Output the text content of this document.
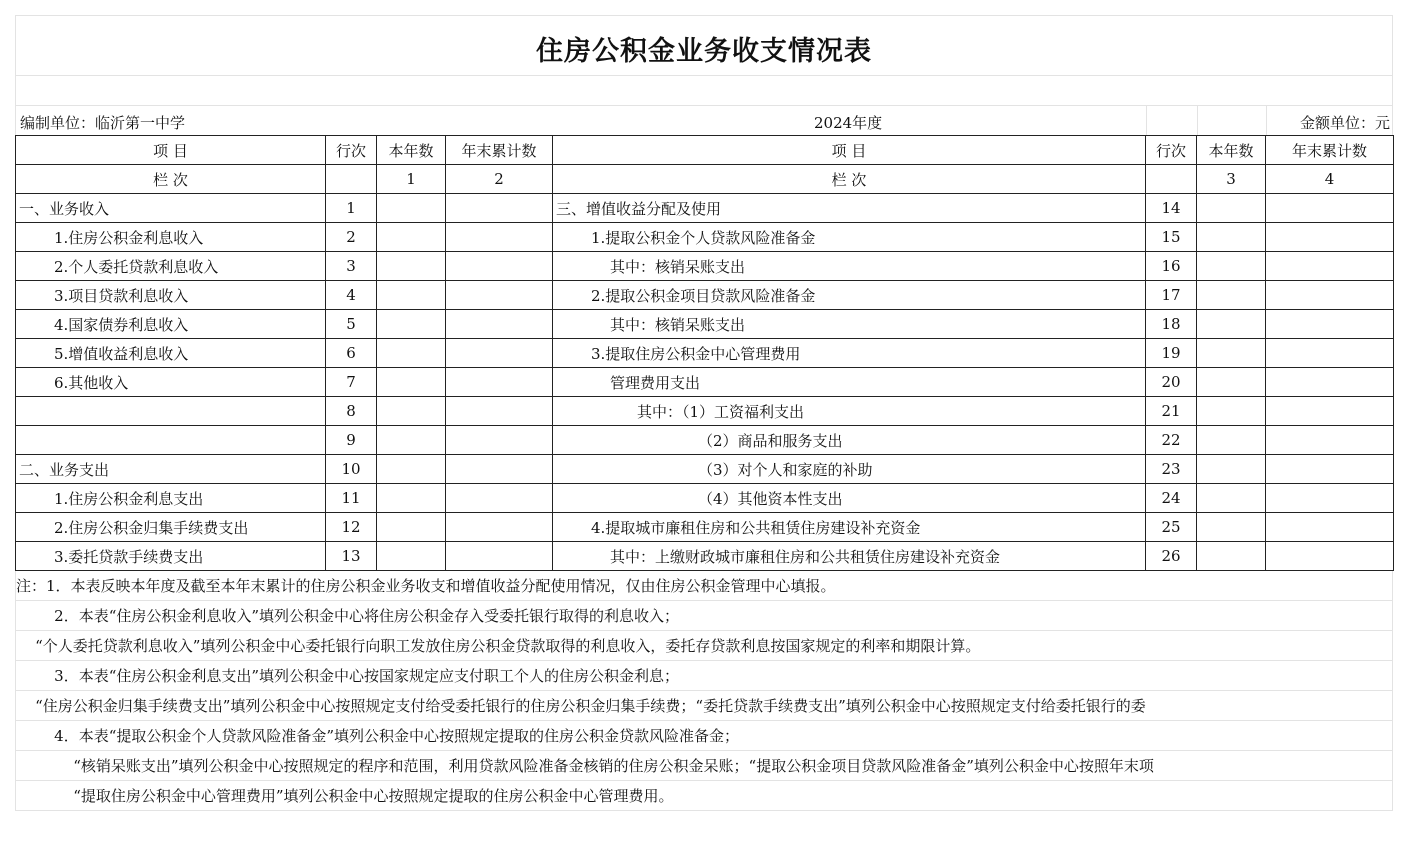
住房公积金业务收支情况表
编制单位：临沂第一中学	2024年度	金额单位：元
项 目	行次	本年数	年末累计数	项 目	行次	本年数	年末累计数
栏 次		1	2	栏 次		3	4
一、业务收入	1			三、增值收益分配及使用	14		
1.住房公积金利息收入	2			1.提取公积金个人贷款风险准备金	15		
2.个人委托贷款利息收入	3			其中：核销呆账支出	16		
3.项目贷款利息收入	4			2.提取公积金项目贷款风险准备金	17		
4.国家债券利息收入	5			其中：核销呆账支出	18		
5.增值收益利息收入	6			3.提取住房公积金中心管理费用	19		
6.其他收入	7			管理费用支出	20		
	8			其中：（1）工资福利支出	21		
	9			（2）商品和服务支出	22		
二、业务支出	10			（3）对个人和家庭的补助	23		
1.住房公积金利息支出	11			（4）其他资本性支出	24		
2.住房公积金归集手续费支出	12			4.提取城市廉租住房和公共租赁住房建设补充资金	25		
3.委托贷款手续费支出	13			其中：上缴财政城市廉租住房和公共租赁住房建设补充资金	26		
注：1．本表反映本年度及截至本年末累计的住房公积金业务收支和增值收益分配使用情况，仅由住房公积金管理中心填报。
2．本表“住房公积金利息收入”填列公积金中心将住房公积金存入受委托银行取得的利息收入；
“个人委托贷款利息收入”填列公积金中心委托银行向职工发放住房公积金贷款取得的利息收入，委托存贷款利息按国家规定的利率和期限计算。
3．本表“住房公积金利息支出”填列公积金中心按国家规定应支付职工个人的住房公积金利息；
“住房公积金归集手续费支出”填列公积金中心按照规定支付给受委托银行的住房公积金归集手续费；“委托贷款手续费支出”填列公积金中心按照规定支付给委托银行的委
4．本表“提取公积金个人贷款风险准备金”填列公积金中心按照规定提取的住房公积金贷款风险准备金；
“核销呆账支出”填列公积金中心按照规定的程序和范围，利用贷款风险准备金核销的住房公积金呆账；“提取公积金项目贷款风险准备金”填列公积金中心按照年末项
“提取住房公积金中心管理费用”填列公积金中心按照规定提取的住房公积金中心管理费用。
